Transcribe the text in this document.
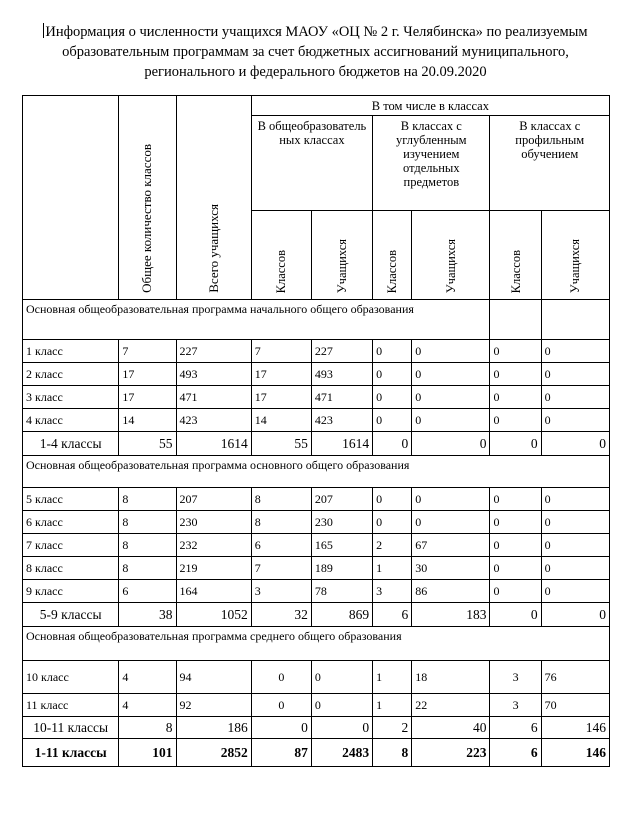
Информация о численности учащихся МАОУ «ОЦ № 2 г. Челябинска» по реализуемым образовательным программам за счет бюджетных ассигнований муниципального, регионального и федерального бюджетов на 20.09.2020

	Общее количество классов	Всего учащихся	В том числе в классах					
			В общеобразователь ных классах		В классах с углубленным изучением отдельных предметов		В классах с профильным обучением	

			Классов	Учащихся	Классов	Учащихся	Классов	Учащихся

Основная общеобразовательная программа начального общего образования								
1 класс	7	227	7	227	0	0	0	0
2 класс	17	493	17	493	0	0	0	0
3 класс	17	471	17	471	0	0	0	0
4 класс	14	423	14	423	0	0	0	0
1-4 классы	55	1614	55	1614	0	0	0	0
Основная общеобразовательная программа основного общего образования								
5 класс	8	207	8	207	0	0	0	0
6 класс	8	230	8	230	0	0	0	0
7 класс	8	232	6	165	2	67	0	0
8 класс	8	219	7	189	1	30	0	0
9 класс	6	164	3	78	3	86	0	0
5-9 классы	38	1052	32	869	6	183	0	0
Основная общеобразовательная программа среднего общего образования								
10 класс	4	94	0	0	1	18	3	76
11 класс	4	92	0	0	1	22	3	70
10-11 классы	8	186	0	0	2	40	6	146
1-11 классы	101	2852	87	2483	8	223	6	146
